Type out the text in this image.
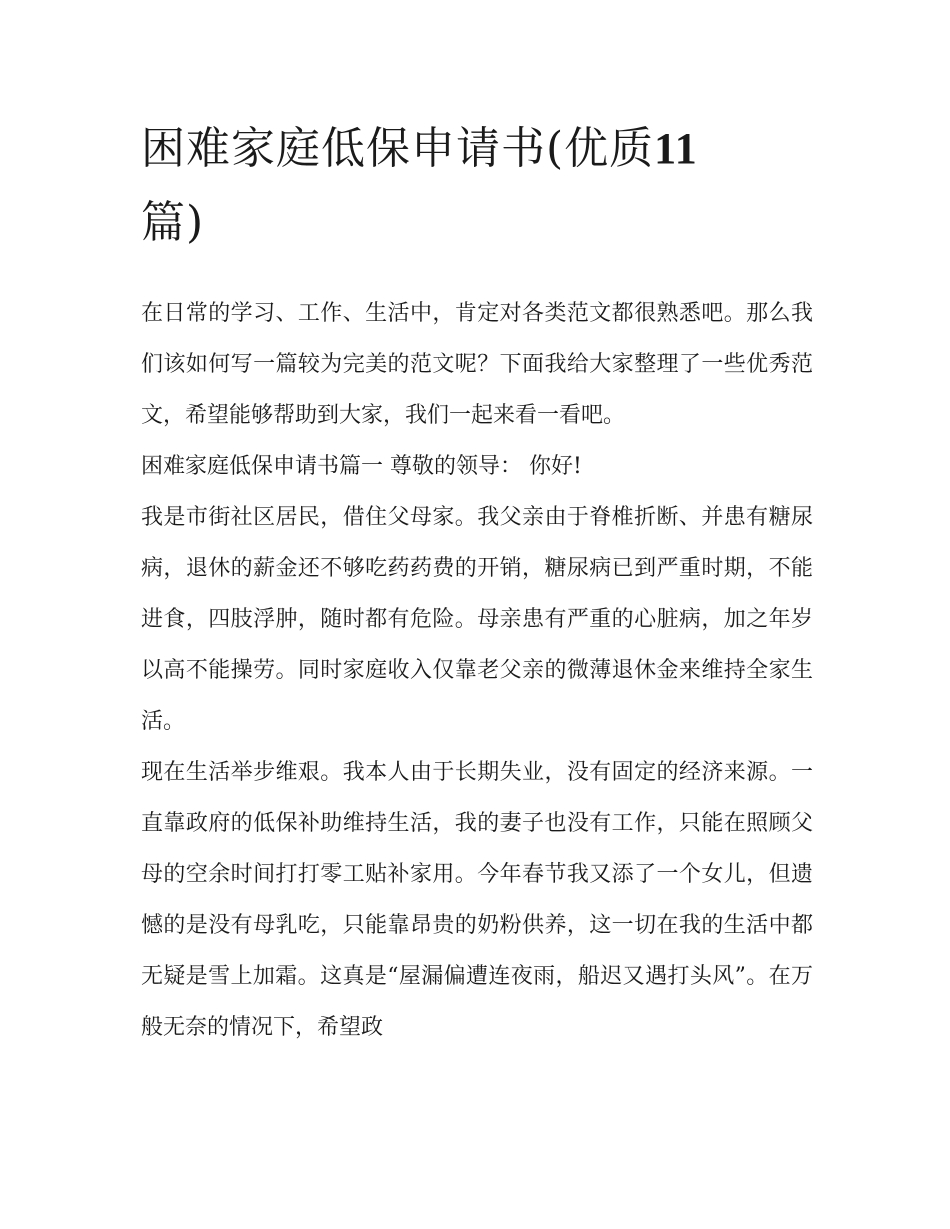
困难家庭低保申请书(优质11
篇)

在日常的学习、工作、生活中，肯定对各类范文都很熟悉吧。那么我们该如何写一篇较为完美的范文呢？下面我给大家整理了一些优秀范文，希望能够帮助到大家，我们一起来看一看吧。

困难家庭低保申请书篇一 尊敬的领导： 你好!

我是市街社区居民，借住父母家。我父亲由于脊椎折断、并患有糖尿病，退休的薪金还不够吃药药费的开销，糖尿病已到严重时期，不能进食，四肢浮肿，随时都有危险。母亲患有严重的心脏病，加之年岁以高不能操劳。同时家庭收入仅靠老父亲的微薄退休金来维持全家生活。

现在生活举步维艰。我本人由于长期失业，没有固定的经济来源。一直靠政府的低保补助维持生活，我的妻子也没有工作，只能在照顾父母的空余时间打打零工贴补家用。今年春节我又添了一个女儿，但遗憾的是没有母乳吃，只能靠昂贵的奶粉供养，这一切在我的生活中都无疑是雪上加霜。这真是“屋漏偏遭连夜雨，船迟又遇打头风”。在万般无奈的情况下，希望政
